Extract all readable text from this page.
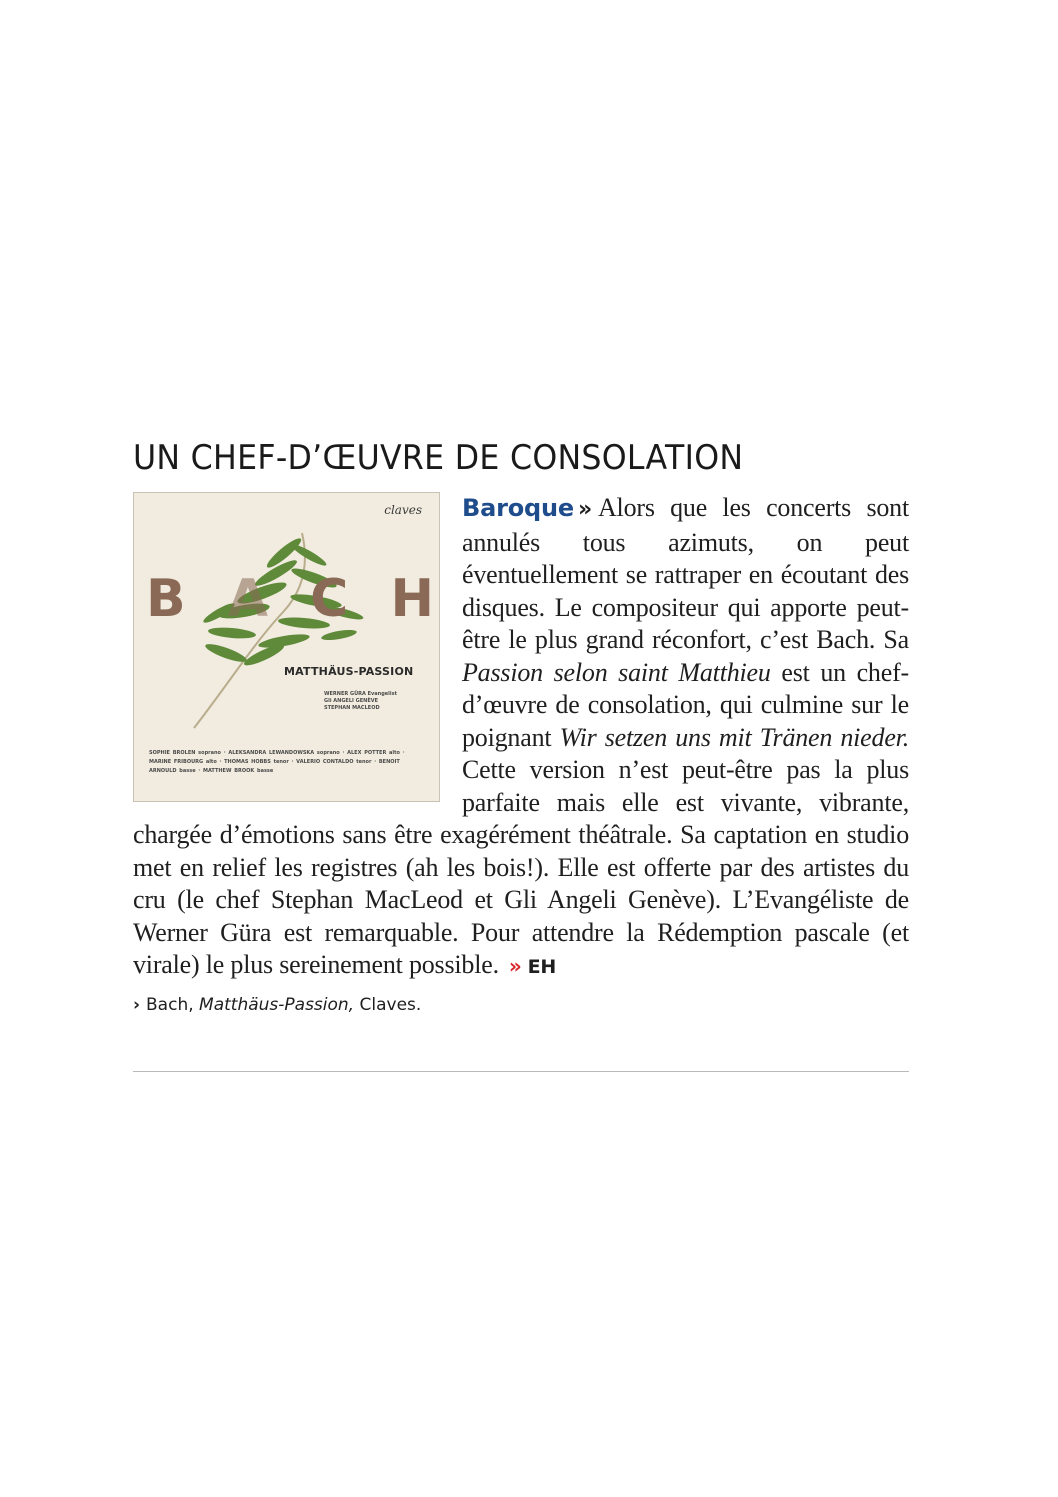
UN CHEF-D’ŒUVRE DE CONSOLATION
claves
B A C H
MATTHÄUS-PASSION
WERNER GÜRA Evangelist
Gli ANGELI GENÈVE
STEPHAN MACLEOD
SOPHIE BROLEN soprano · ALEKSANDRA LEWANDOWSKA soprano · ALEX POTTER alto · MARINE FRIBOURG alto · THOMAS HOBBS tenor · VALERIO CONTALDO tenor · BENOIT ARNOULD basse · MATTHEW BROOK basse

Baroque » Alors que les concerts sont annulés tous azimuts, on peut éventuellement se rattraper en écoutant des disques. Le compositeur qui apporte peut-être le plus grand réconfort, c’est Bach. Sa Passion selon saint Matthieu est un chef-d’œuvre de consolation, qui culmine sur le poignant Wir setzen uns mit Tränen nieder. Cette version n’est peut-être pas la plus parfaite mais elle est vivante, vibrante, chargée d’émotions sans être exagérément théâtrale. Sa captation en studio met en relief les registres (ah les bois!). Elle est offerte par des artistes du cru (le chef Stephan MacLeod et Gli Angeli Genève). L’Evangéliste de Werner Güra est remarquable. Pour attendre la Rédemption pascale (et virale) le plus sereinement possible. » EH

› Bach, Matthäus-Passion, Claves.
